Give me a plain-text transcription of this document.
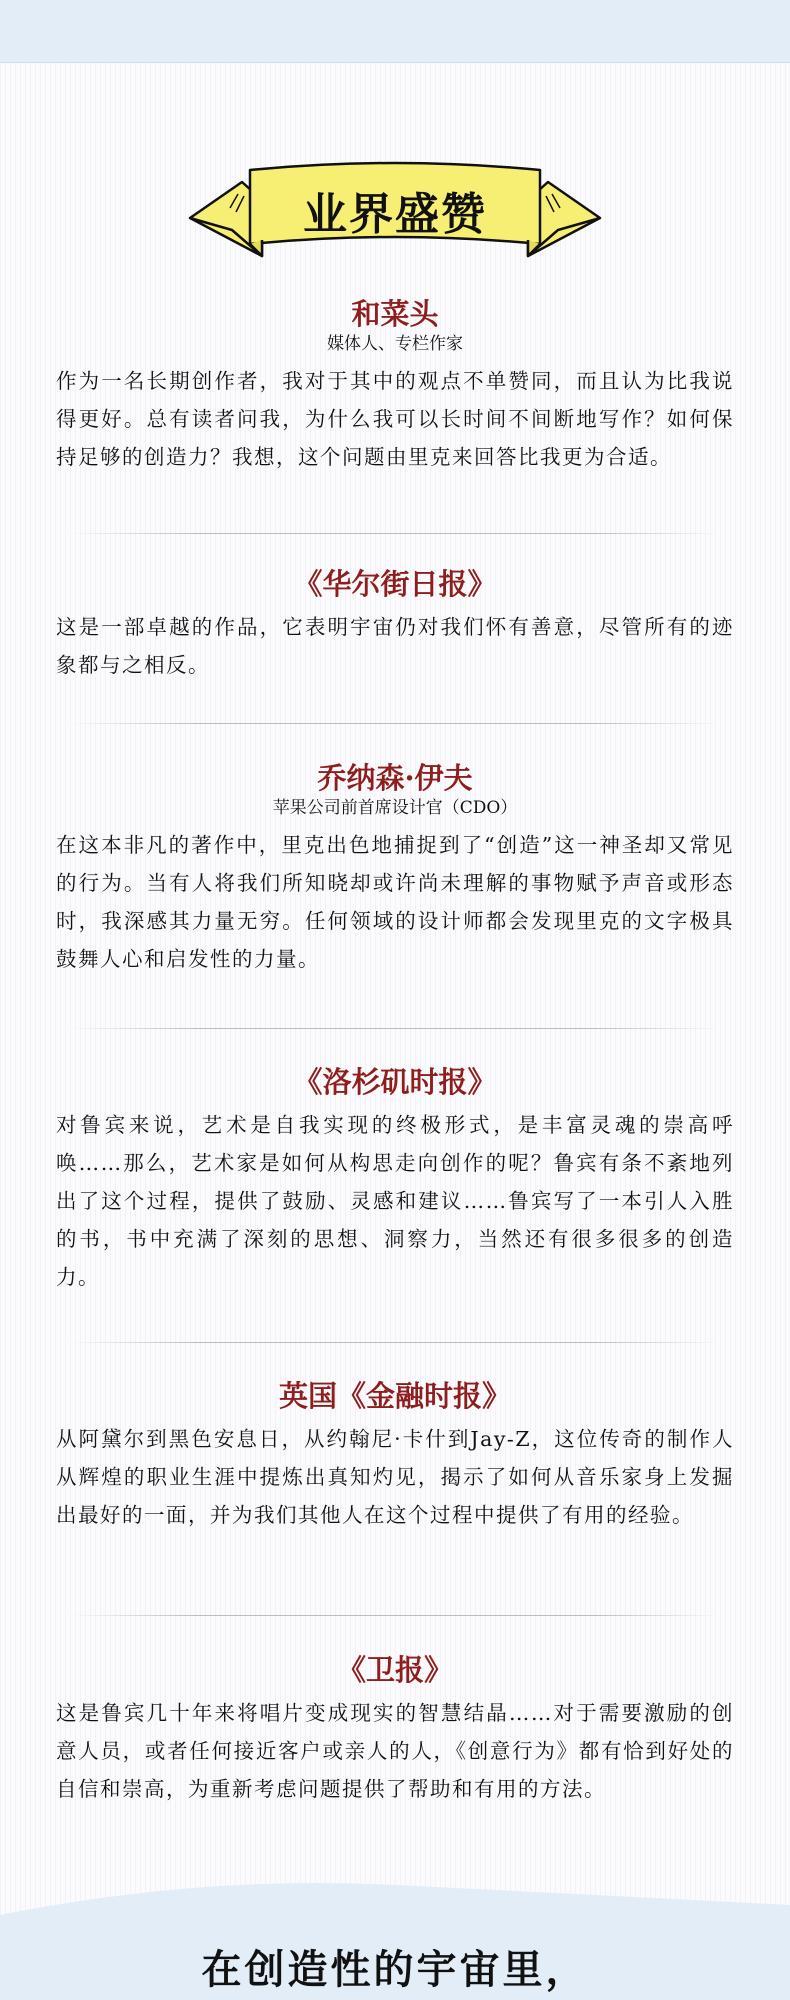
业界盛赞

和菜头

媒体人、专栏作家

作为一名长期创作者，我对于其中的观点不单赞同，而且认为比我说得更好。总有读者问我，为什么我可以长时间不间断地写作？如何保持足够的创造力？我想，这个问题由里克来回答比我更为合适。

《华尔街日报》

这是一部卓越的作品，它表明宇宙仍对我们怀有善意，尽管所有的迹象都与之相反。

乔纳森·伊夫

苹果公司前首席设计官（CDO）

在这本非凡的著作中，里克出色地捕捉到了“创造”这一神圣却又常见的行为。当有人将我们所知晓却或许尚未理解的事物赋予声音或形态时，我深感其力量无穷。任何领域的设计师都会发现里克的文字极具鼓舞人心和启发性的力量。

《洛杉矶时报》

对鲁宾来说，艺术是自我实现的终极形式，是丰富灵魂的崇高呼唤……那么，艺术家是如何从构思走向创作的呢？鲁宾有条不紊地列出了这个过程，提供了鼓励、灵感和建议……鲁宾写了一本引人入胜的书，书中充满了深刻的思想、洞察力，当然还有很多很多的创造力。

英国《金融时报》

从阿黛尔到黑色安息日，从约翰尼·卡什到Jay-Z，这位传奇的制作人从辉煌的职业生涯中提炼出真知灼见，揭示了如何从音乐家身上发掘出最好的一面，并为我们其他人在这个过程中提供了有用的经验。

《卫报》

这是鲁宾几十年来将唱片变成现实的智慧结晶……对于需要激励的创意人员，或者任何接近客户或亲人的人，《创意行为》都有恰到好处的自信和崇高，为重新考虑问题提供了帮助和有用的方法。

在创造性的宇宙里，
